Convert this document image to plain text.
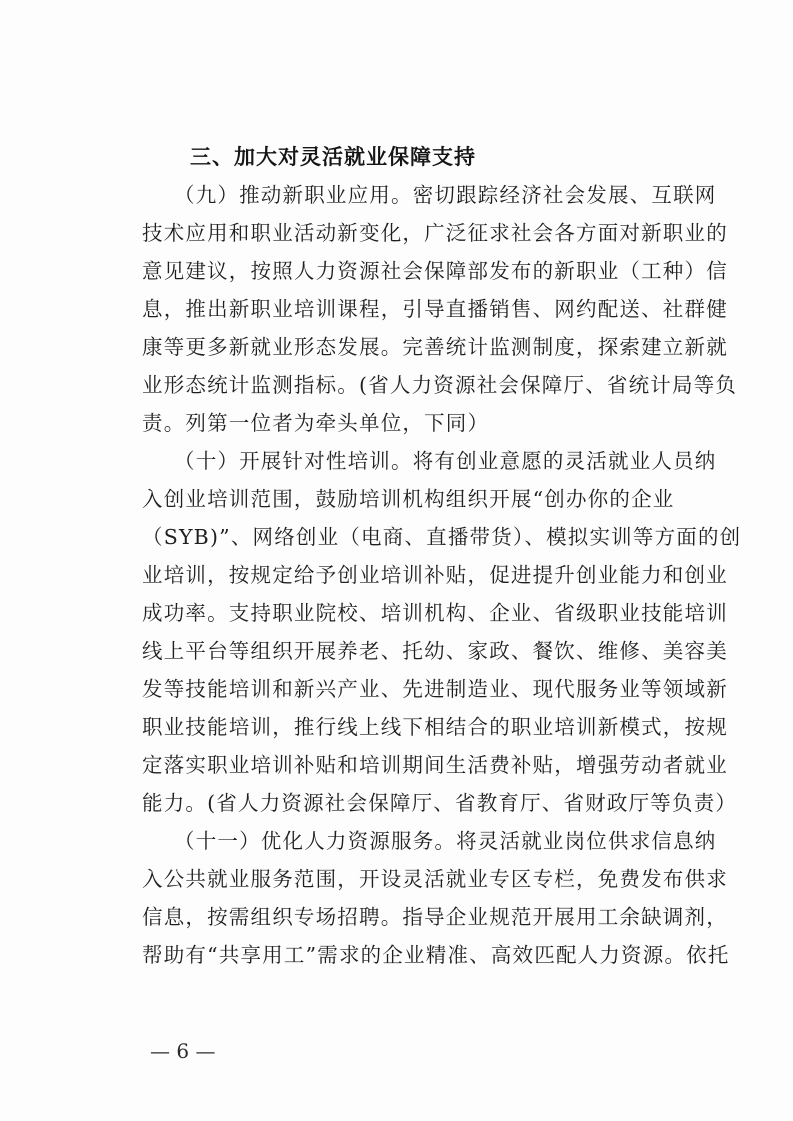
三、加大对灵活就业保障支持
（九）推动新职业应用。密切跟踪经济社会发展、互联网
技术应用和职业活动新变化，广泛征求社会各方面对新职业的
意见建议，按照人力资源社会保障部发布的新职业（工种）信
息，推出新职业培训课程，引导直播销售、网约配送、社群健
康等更多新就业形态发展。完善统计监测制度，探索建立新就
业形态统计监测指标。(省人力资源社会保障厅、省统计局等负
责。列第一位者为牵头单位，下同）
（十）开展针对性培训。将有创业意愿的灵活就业人员纳
入创业培训范围，鼓励培训机构组织开展“创办你的企业
（SYB)”、网络创业（电商、直播带货）、模拟实训等方面的创
业培训，按规定给予创业培训补贴，促进提升创业能力和创业
成功率。支持职业院校、培训机构、企业、省级职业技能培训
线上平台等组织开展养老、托幼、家政、餐饮、维修、美容美
发等技能培训和新兴产业、先进制造业、现代服务业等领域新
职业技能培训，推行线上线下相结合的职业培训新模式，按规
定落实职业培训补贴和培训期间生活费补贴，增强劳动者就业
能力。(省人力资源社会保障厅、省教育厅、省财政厅等负责）
（十一）优化人力资源服务。将灵活就业岗位供求信息纳
入公共就业服务范围，开设灵活就业专区专栏，免费发布供求
信息，按需组织专场招聘。指导企业规范开展用工余缺调剂，
帮助有“共享用工”需求的企业精准、高效匹配人力资源。依托
— 6 —
